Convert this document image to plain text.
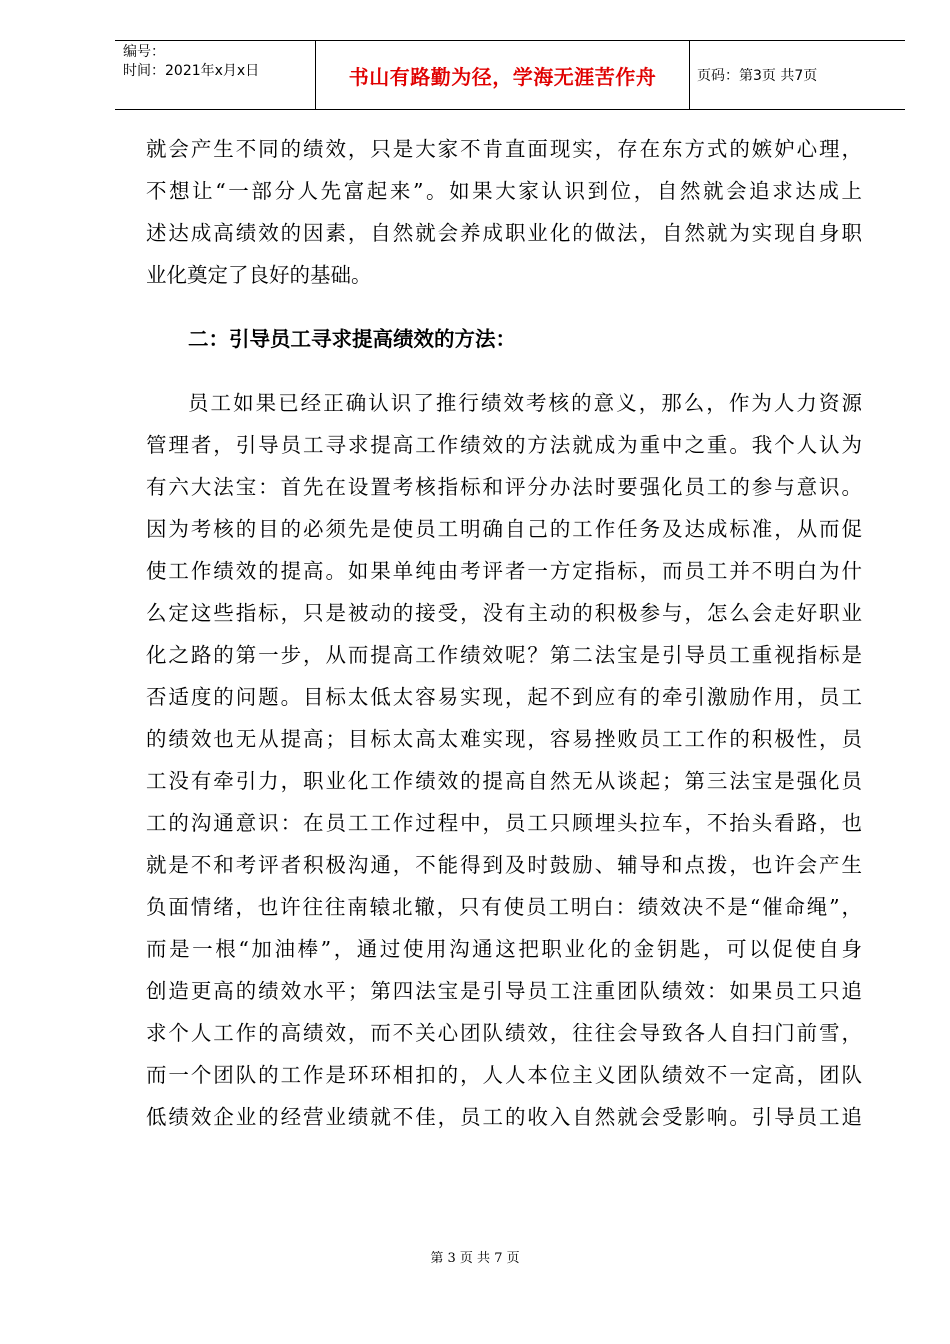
编号：
时间：2021年x月x日	书山有路勤为径，学海无涯苦作舟	页码：第3页 共7页

就会产生不同的绩效，只是大家不肯直面现实，存在东方式的嫉妒心理，
不想让“一部分人先富起来”。如果大家认识到位，自然就会追求达成上
述达成高绩效的因素，自然就会养成职业化的做法，自然就为实现自身职
业化奠定了良好的基础。

二：引导员工寻求提高绩效的方法：

员工如果已经正确认识了推行绩效考核的意义，那么，作为人力资源
管理者，引导员工寻求提高工作绩效的方法就成为重中之重。我个人认为
有六大法宝：首先在设置考核指标和评分办法时要强化员工的参与意识。
因为考核的目的必须先是使员工明确自己的工作任务及达成标准，从而促
使工作绩效的提高。如果单纯由考评者一方定指标，而员工并不明白为什
么定这些指标，只是被动的接受，没有主动的积极参与，怎么会走好职业
化之路的第一步，从而提高工作绩效呢？第二法宝是引导员工重视指标是
否适度的问题。目标太低太容易实现，起不到应有的牵引激励作用，员工
的绩效也无从提高；目标太高太难实现，容易挫败员工工作的积极性，员
工没有牵引力，职业化工作绩效的提高自然无从谈起；第三法宝是强化员
工的沟通意识：在员工工作过程中，员工只顾埋头拉车，不抬头看路，也
就是不和考评者积极沟通，不能得到及时鼓励、辅导和点拨，也许会产生
负面情绪，也许往往南辕北辙，只有使员工明白：绩效决不是“催命绳”，
而是一根“加油棒”，通过使用沟通这把职业化的金钥匙，可以促使自身
创造更高的绩效水平；第四法宝是引导员工注重团队绩效：如果员工只追
求个人工作的高绩效，而不关心团队绩效，往往会导致各人自扫门前雪，
而一个团队的工作是环环相扣的，人人本位主义团队绩效不一定高，团队
低绩效企业的经营业绩就不佳，员工的收入自然就会受影响。引导员工追

第 3 页 共 7 页
